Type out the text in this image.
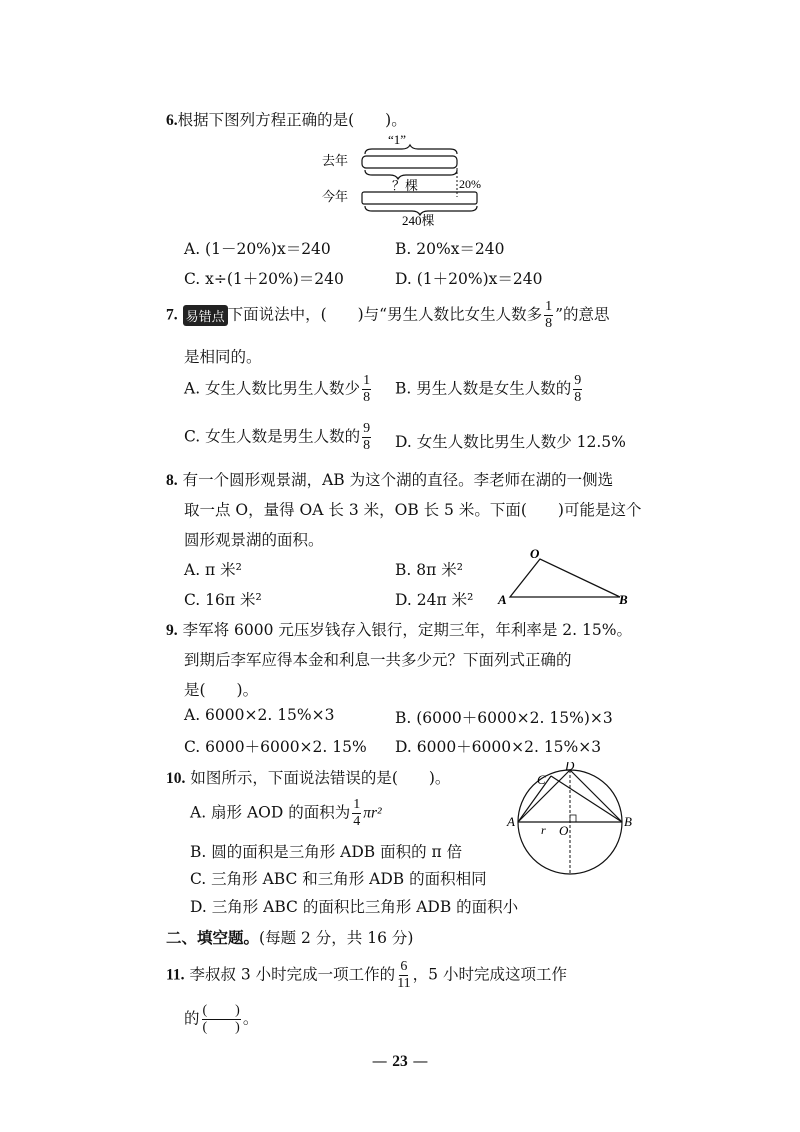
6.根据下图列方程正确的是(　　)。
“1”
去年
？棵	20%
今年
240棵
A. (1－20%)x＝240	B. 20%x＝240
C. x÷(1＋20%)＝240	D. (1＋20%)x＝240
7. 易错点 下面说法中，(　　)与“男生人数比女生人数多 $\frac{1}{8}$ ”的意思
是相同的。
A. 女生人数比男生人数少 $\frac{1}{8} B$. 男生人数是女生人数的 $\frac{9}{8}$
C. 女生人数是男生人数的 $\frac{9}{8} D$. 女生人数比男生人数少 12.5%
8. 有一个圆形观景湖，AB 为这个湖的直径。李老师在湖的一侧选
取一点 O，量得 OA 长 3 米，OB 长 5 米。下面(　　)可能是这个
圆形观景湖的面积。
A. π 米²	B. 8π 米²
C. 16π 米²	D. 24π 米²
O
A	B
9. 李军将 6000 元压岁钱存入银行，定期三年，年利率是 2. 15%。
到期后李军应得本金和利息一共多少元？下面列式正确的
是(　　)。
A. 6000×2. 15%×3	B. (6000＋6000×2. 15%)×3
C. 6000＋6000×2. 15% D. 6000＋6000×2. 15%×3
10. 如图所示，下面说法错误的是(　　)。
A. 扇形 AOD 的面积为 $\frac{1}{4} \pi r^2$
B. 圆的面积是三角形 ADB 面积的 π 倍
C. 三角形 ABC 和三角形 ADB 的面积相同
D. 三角形 ABC 的面积比三角形 ADB 的面积小
A	B
C
D
O
r
二、填空题。(每题 2 分，共 16 分)
11. 李叔叔 3 小时完成一项工作的 $\frac{6}{11}$ ，5 小时完成这项工作
的 $\frac{( )}{( )}$ 。
— 23 —
